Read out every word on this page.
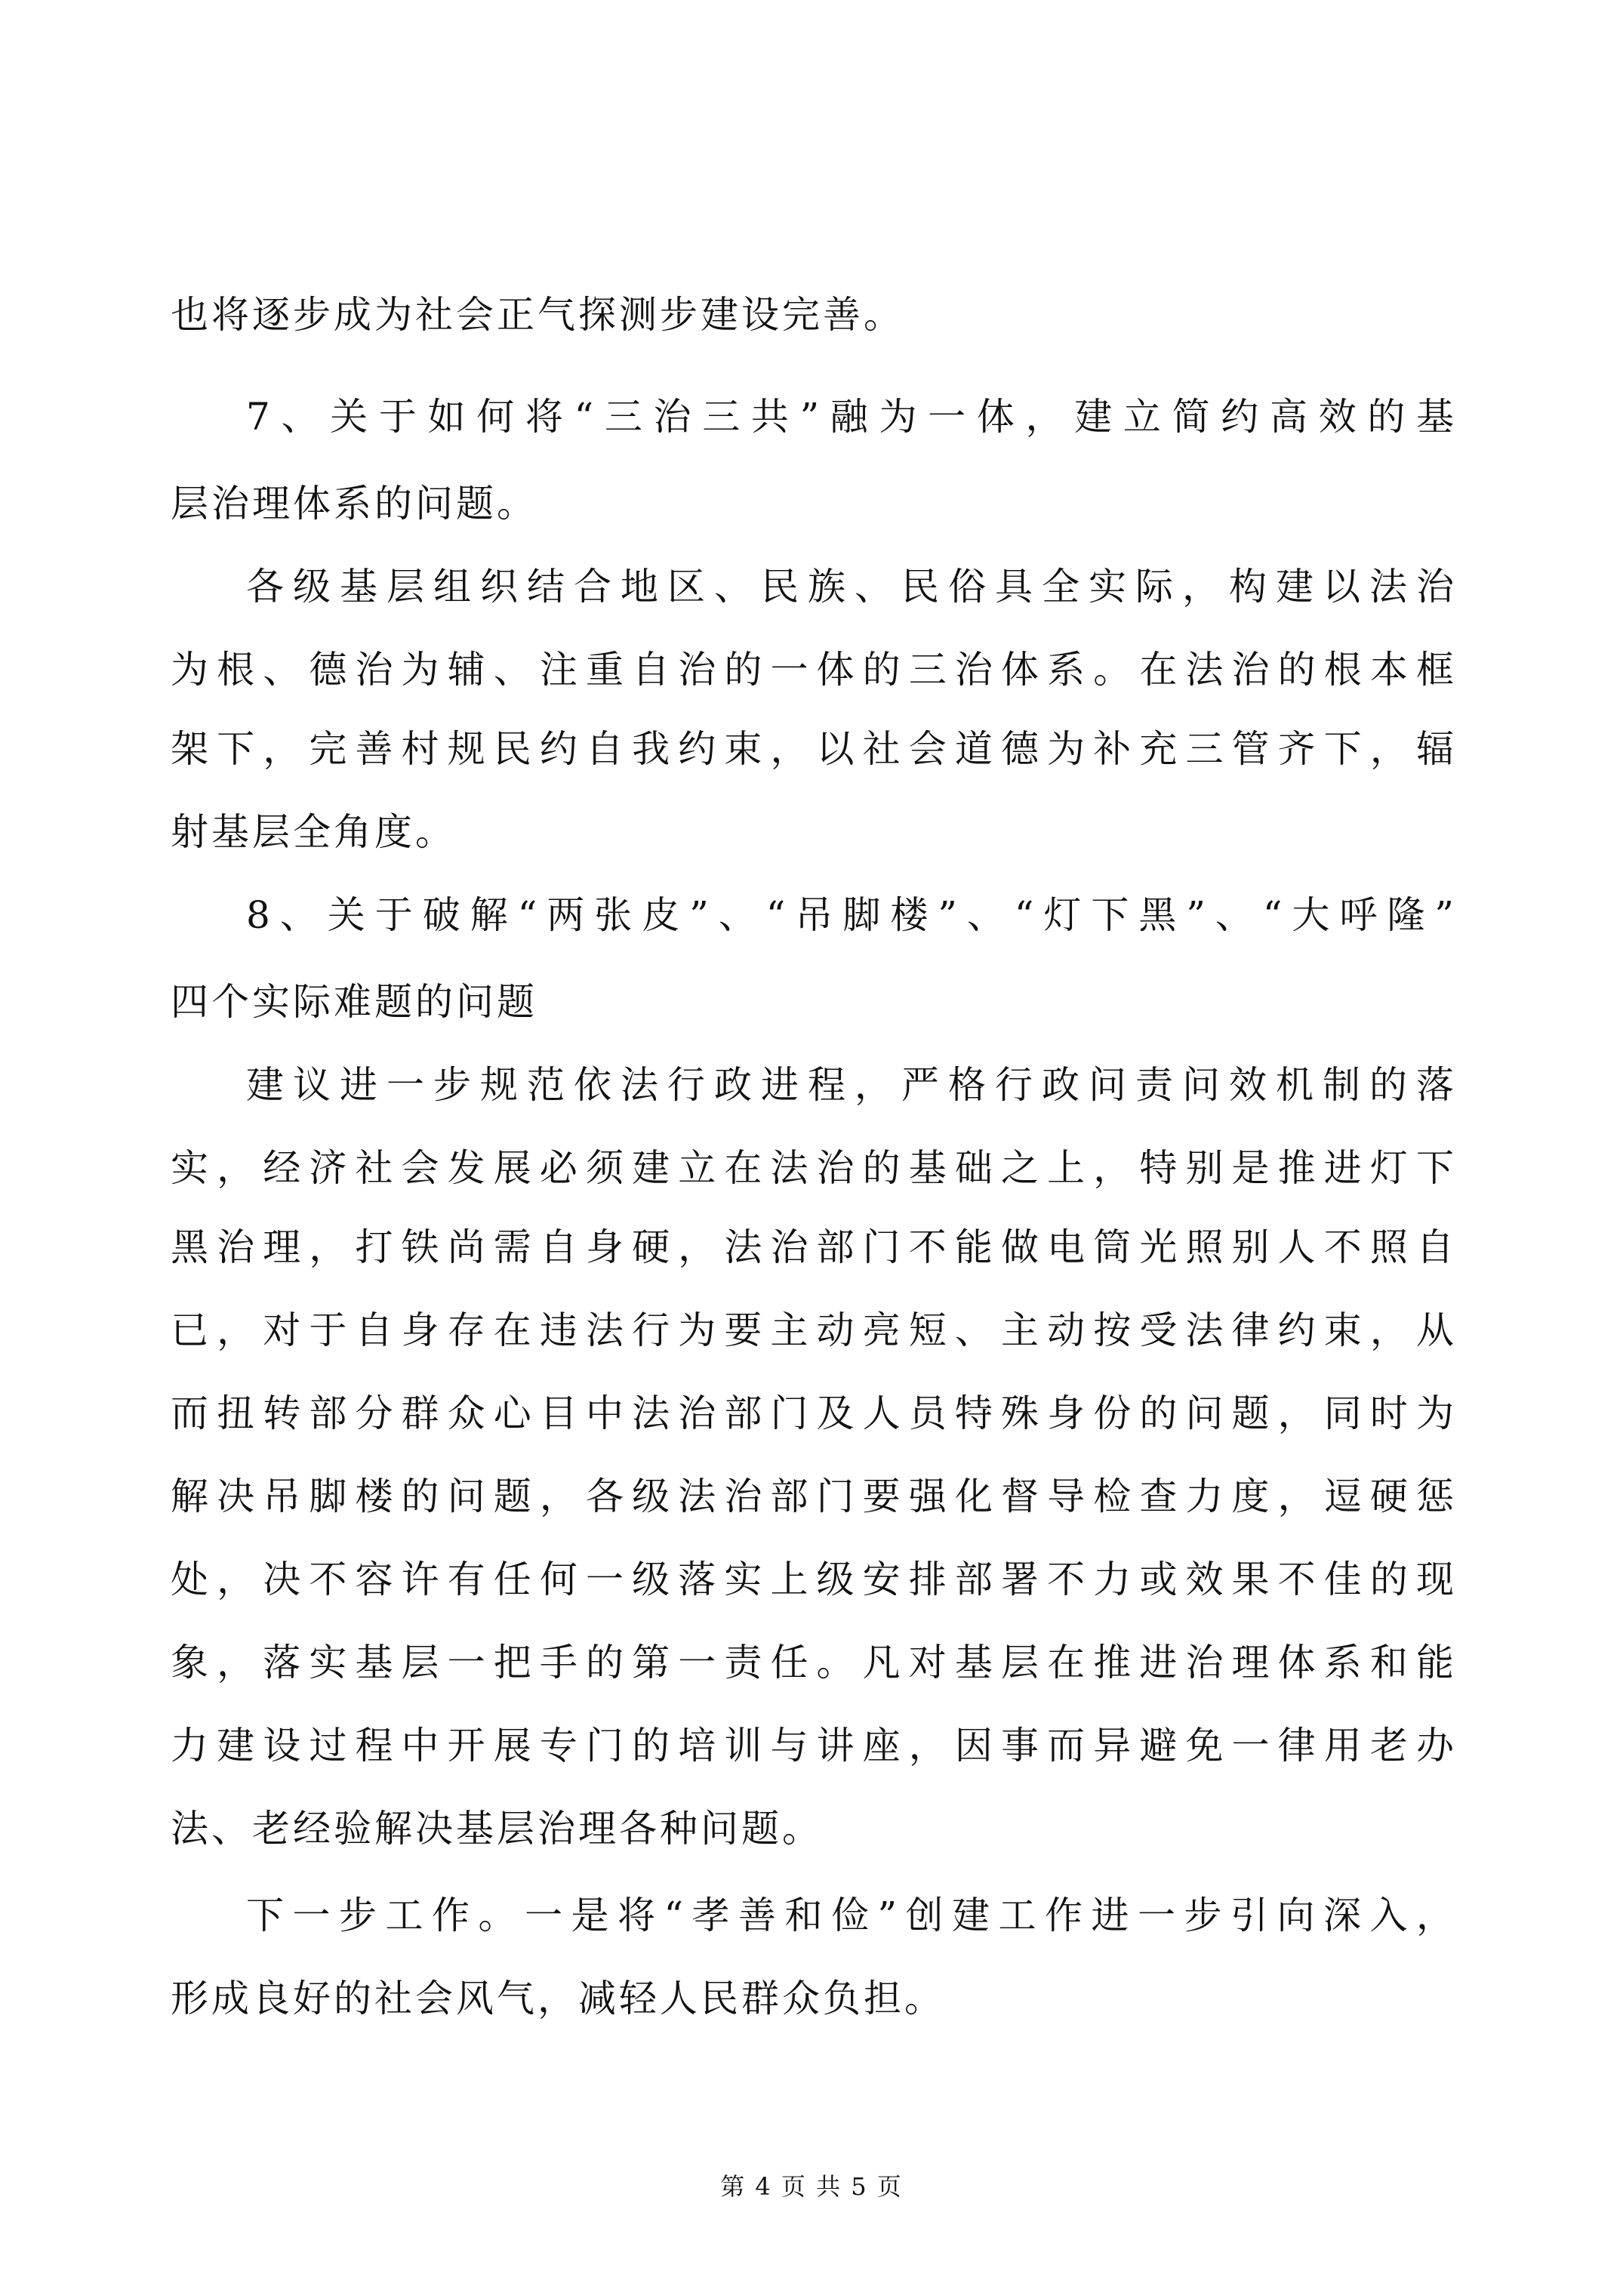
也将逐步成为社会正气探测步建设完善。
7、关于如何将“三治三共”融为一体，建立简约高效的基
层治理体系的问题。
各级基层组织结合地区、民族、民俗具全实际，构建以法治
为根、德治为辅、注重自治的一体的三治体系。在法治的根本框
架下，完善村规民约自我约束，以社会道德为补充三管齐下，辐
射基层全角度。
8、关于破解“两张皮”、“吊脚楼”、“灯下黑”、“大呼隆”
四个实际难题的问题
建议进一步规范依法行政进程，严格行政问责问效机制的落
实，经济社会发展必须建立在法治的基础之上，特别是推进灯下
黑治理，打铁尚需自身硬，法治部门不能做电筒光照别人不照自
已，对于自身存在违法行为要主动亮短、主动按受法律约束，从
而扭转部分群众心目中法治部门及人员特殊身份的问题，同时为
解决吊脚楼的问题，各级法治部门要强化督导检查力度，逗硬惩
处，决不容许有任何一级落实上级安排部署不力或效果不佳的现
象，落实基层一把手的第一责任。凡对基层在推进治理体系和能
力建设过程中开展专门的培训与讲座，因事而异避免一律用老办
法、老经验解决基层治理各种问题。
下一步工作。一是将“孝善和俭”创建工作进一步引向深入，
形成良好的社会风气，减轻人民群众负担。
第 4 页 共 5 页
